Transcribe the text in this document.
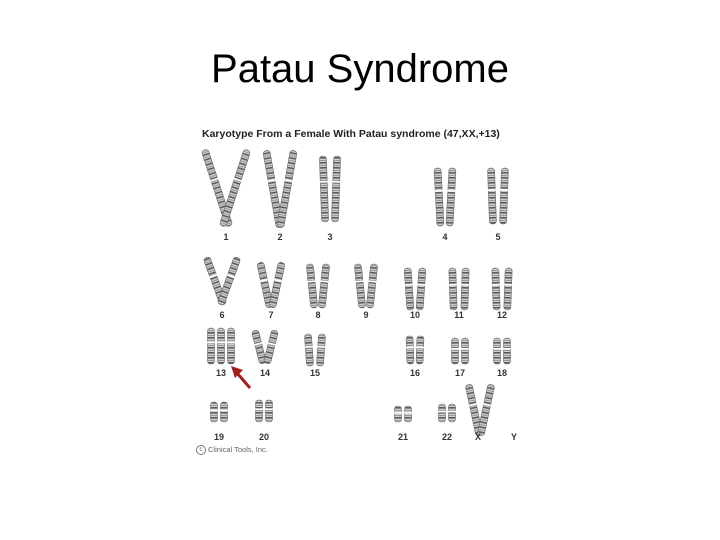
Patau Syndrome
1	2	3	4	5
6	7	8	9	10	11	12
13	14	15	16	17	18
19	20	21	22	X	Y
Karyotype From a Female With Patau syndrome (47,XX,+13)
c Clinical Tools, Inc.
